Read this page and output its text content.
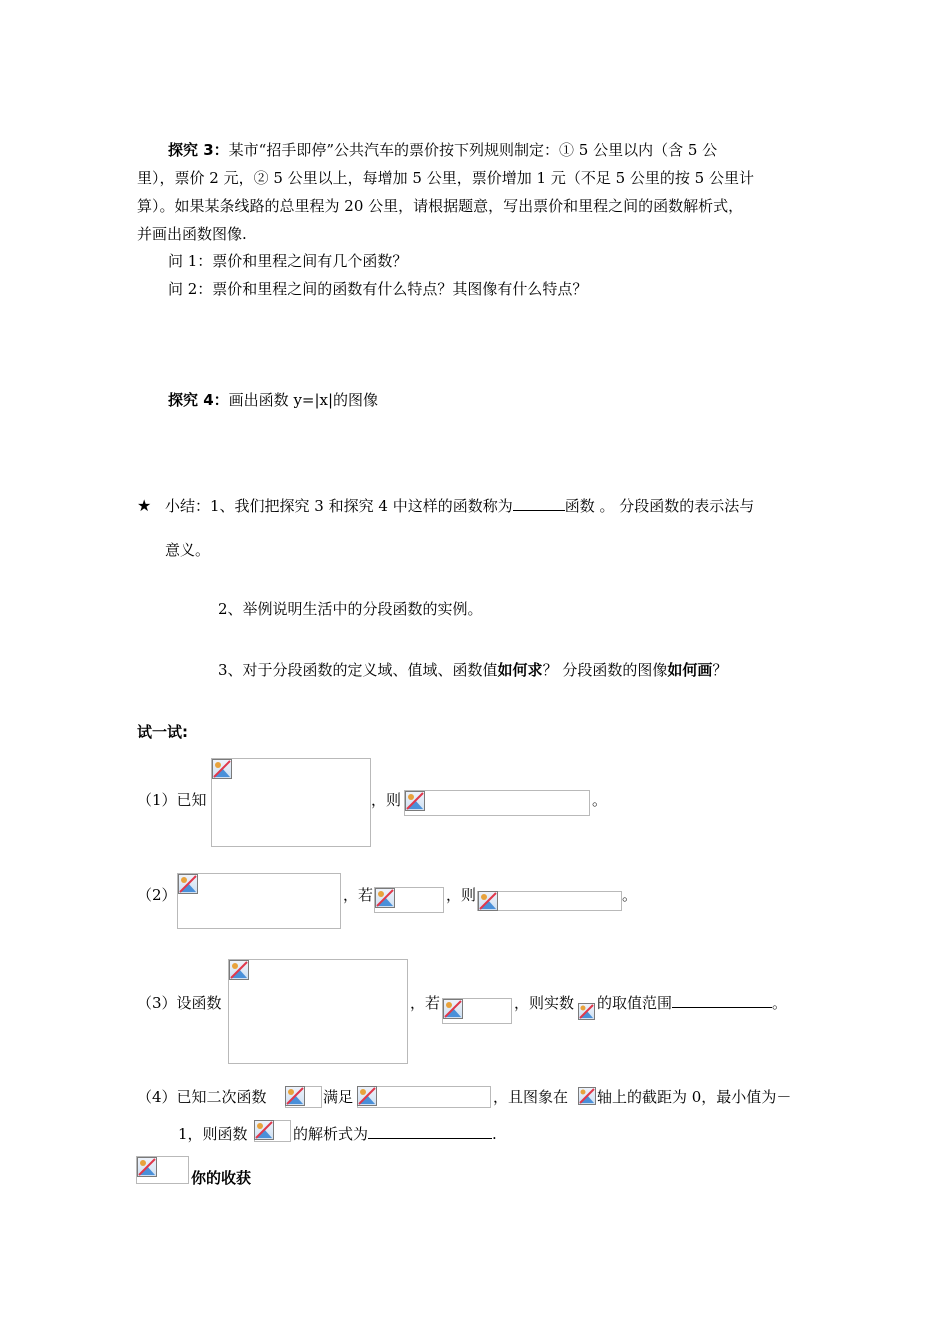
探究 3：某市“招手即停”公共汽车的票价按下列规则制定：① 5 公里以内（含 5 公
里），票价 2 元，② 5 公里以上，每增加 5 公里，票价增加 1 元（不足 5 公里的按 5 公里计
算）。如果某条线路的总里程为 20 公里，请根据题意，写出票价和里程之间的函数解析式，
并画出函数图像.
问 1：票价和里程之间有几个函数？
问 2：票价和里程之间的函数有什么特点？其图像有什么特点？
探究 4：画出函数 y=|x|的图像
★ 小结：1、我们把探究 3 和探究 4 中这样的函数称为	函数 。 分段函数的表示法与
意义。
2、举例说明生活中的分段函数的实例。
3、对于分段函数的定义域、值域、函数值如何求？ 分段函数的图像如何画？
试一试:
（1）已知	，则	。
（2）	，若	，则	。
（3）设函数	，若	，则实数 的取值范围	。
（4）已知二次函数	满足	，且图象在 轴上的截距为 0，最小值为－
1，则函数	的解析式为	.
你的收获
